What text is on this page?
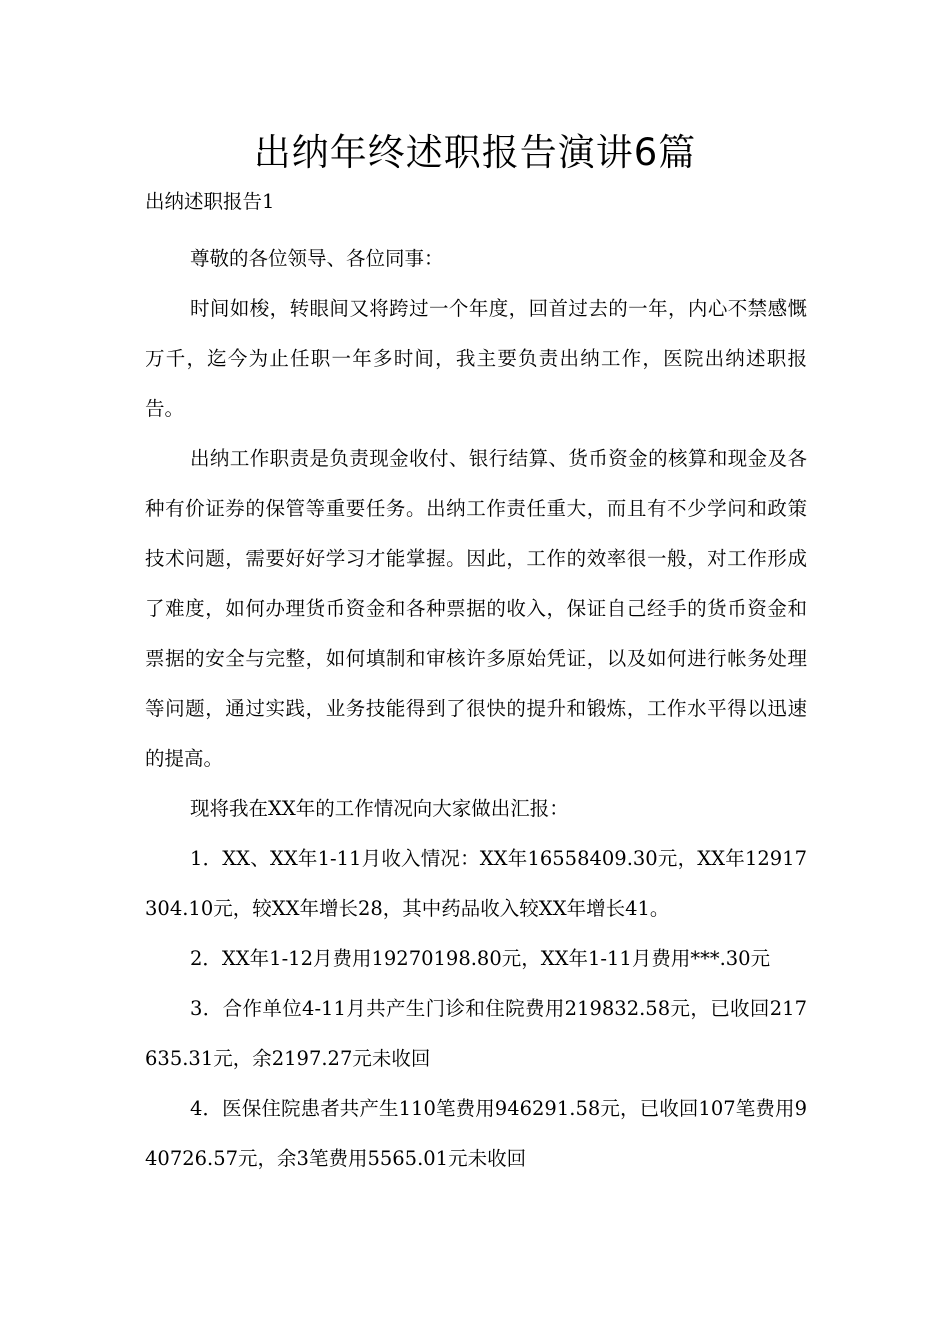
出纳年终述职报告演讲6篇
出纳述职报告1

尊敬的各位领导、各位同事：

时间如梭，转眼间又将跨过一个年度，回首过去的一年，内心不禁感慨万千，迄今为止任职一年多时间，我主要负责出纳工作，医院出纳述职报告。

出纳工作职责是负责现金收付、银行结算、货币资金的核算和现金及各种有价证券的保管等重要任务。出纳工作责任重大，而且有不少学问和政策技术问题，需要好好学习才能掌握。因此，工作的效率很一般，对工作形成了难度，如何办理货币资金和各种票据的收入，保证自己经手的货币资金和票据的安全与完整，如何填制和审核许多原始凭证，以及如何进行帐务处理等问题，通过实践，业务技能得到了很快的提升和锻炼，工作水平得以迅速的提高。

现将我在XX年的工作情况向大家做出汇报：

1．XX、XX年1-11月收入情况：XX年16558409.30元，XX年12917304.10元，较XX年增长28，其中药品收入较XX年增长41。

2．XX年1-12月费用19270198.80元，XX年1-11月费用***.30元

3．合作单位4-11月共产生门诊和住院费用219832.58元，已收回217635.31元，余2197.27元未收回

4．医保住院患者共产生110笔费用946291.58元，已收回107笔费用940726.57元，余3笔费用5565.01元未收回
